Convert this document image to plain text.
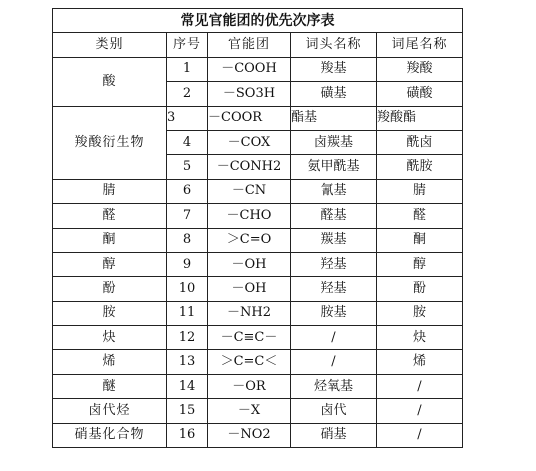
常见官能团的优先次序表				
类别	序号	官能团	词头名称	词尾名称
酸	1	－COOH	羧基	羧酸
	2	－SO3H	磺基	磺酸
羧酸衍生物	3	－COOR	酯基	羧酸酯
	4	－COX	卤羰基	酰卤
	5	－CONH2	氨甲酰基	酰胺
腈	6	－CN	氰基	腈
醛	7	－CHO	醛基	醛
酮	8	＞C=O	羰基	酮
醇	9	－OH	羟基	醇
酚	10	－OH	羟基	酚
胺	11	－NH2	胺基	胺
炔	12	－C≡C－	/	炔
烯	13	＞C=C＜	/	烯
醚	14	－OR	烃氧基	/
卤代烃	15	－X	卤代	/
硝基化合物	16	－NO2	硝基	/
